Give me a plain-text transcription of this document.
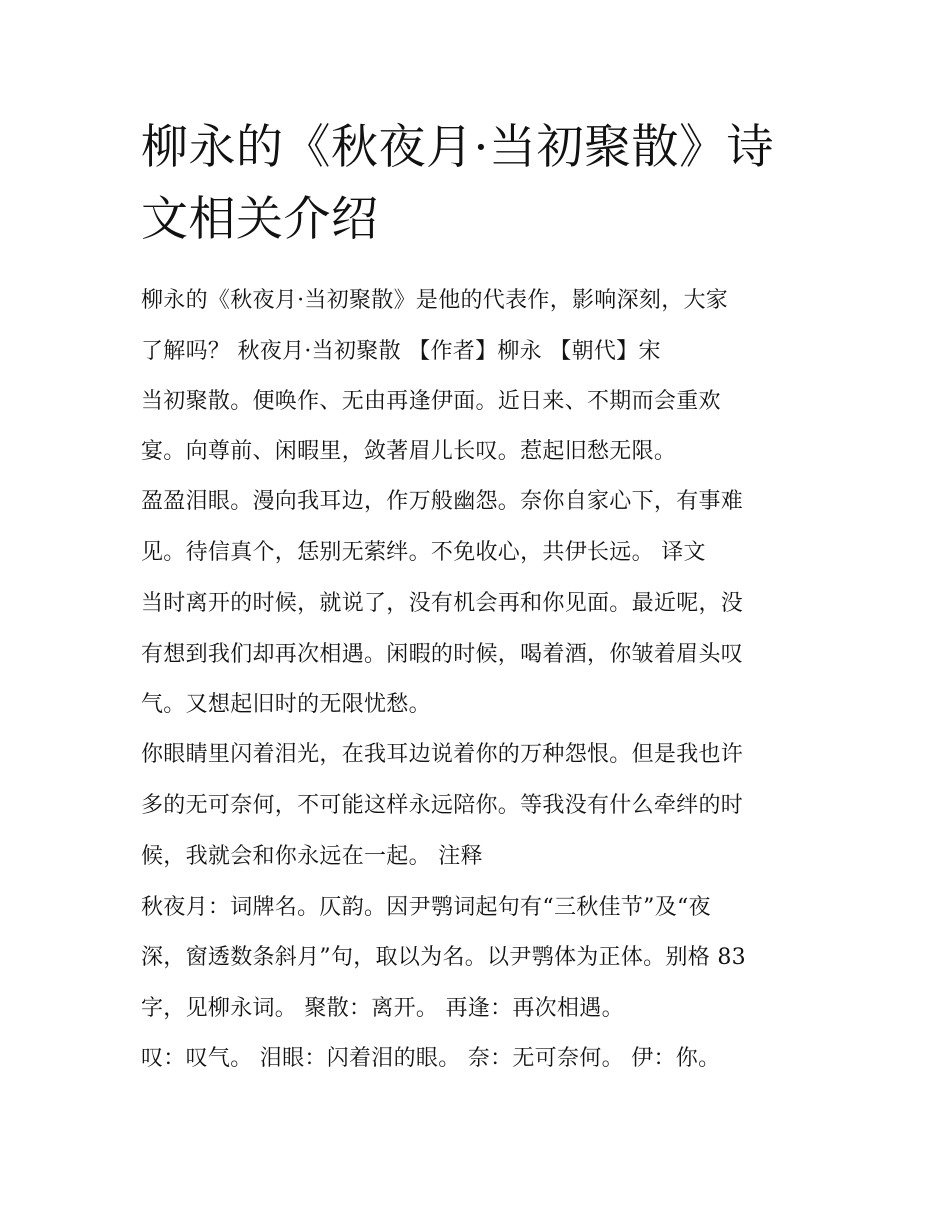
柳永的《秋夜月·当初聚散》诗
文相关介绍

柳永的《秋夜月·当初聚散》是他的代表作，影响深刻，大家

了解吗？ 秋夜月·当初聚散 【作者】柳永 【朝代】宋

当初聚散。便唤作、无由再逢伊面。近日来、不期而会重欢

宴。向尊前、闲暇里，敛著眉儿长叹。惹起旧愁无限。

盈盈泪眼。漫向我耳边，作万般幽怨。奈你自家心下，有事难

见。待信真个，恁别无萦绊。不免收心，共伊长远。 译文

当时离开的时候，就说了，没有机会再和你见面。最近呢，没

有想到我们却再次相遇。闲暇的时候，喝着酒，你皱着眉头叹

气。又想起旧时的无限忧愁。

你眼睛里闪着泪光，在我耳边说着你的万种怨恨。但是我也许

多的无可奈何，不可能这样永远陪你。等我没有什么牵绊的时

候，我就会和你永远在一起。 注释

秋夜月：词牌名。仄韵。因尹鹗词起句有“三秋佳节”及“夜

深，窗透数条斜月”句，取以为名。以尹鹗体为正体。别格 83

字，见柳永词。 聚散：离开。 再逢：再次相遇。

叹：叹气。 泪眼：闪着泪的眼。 奈：无可奈何。 伊：你。
